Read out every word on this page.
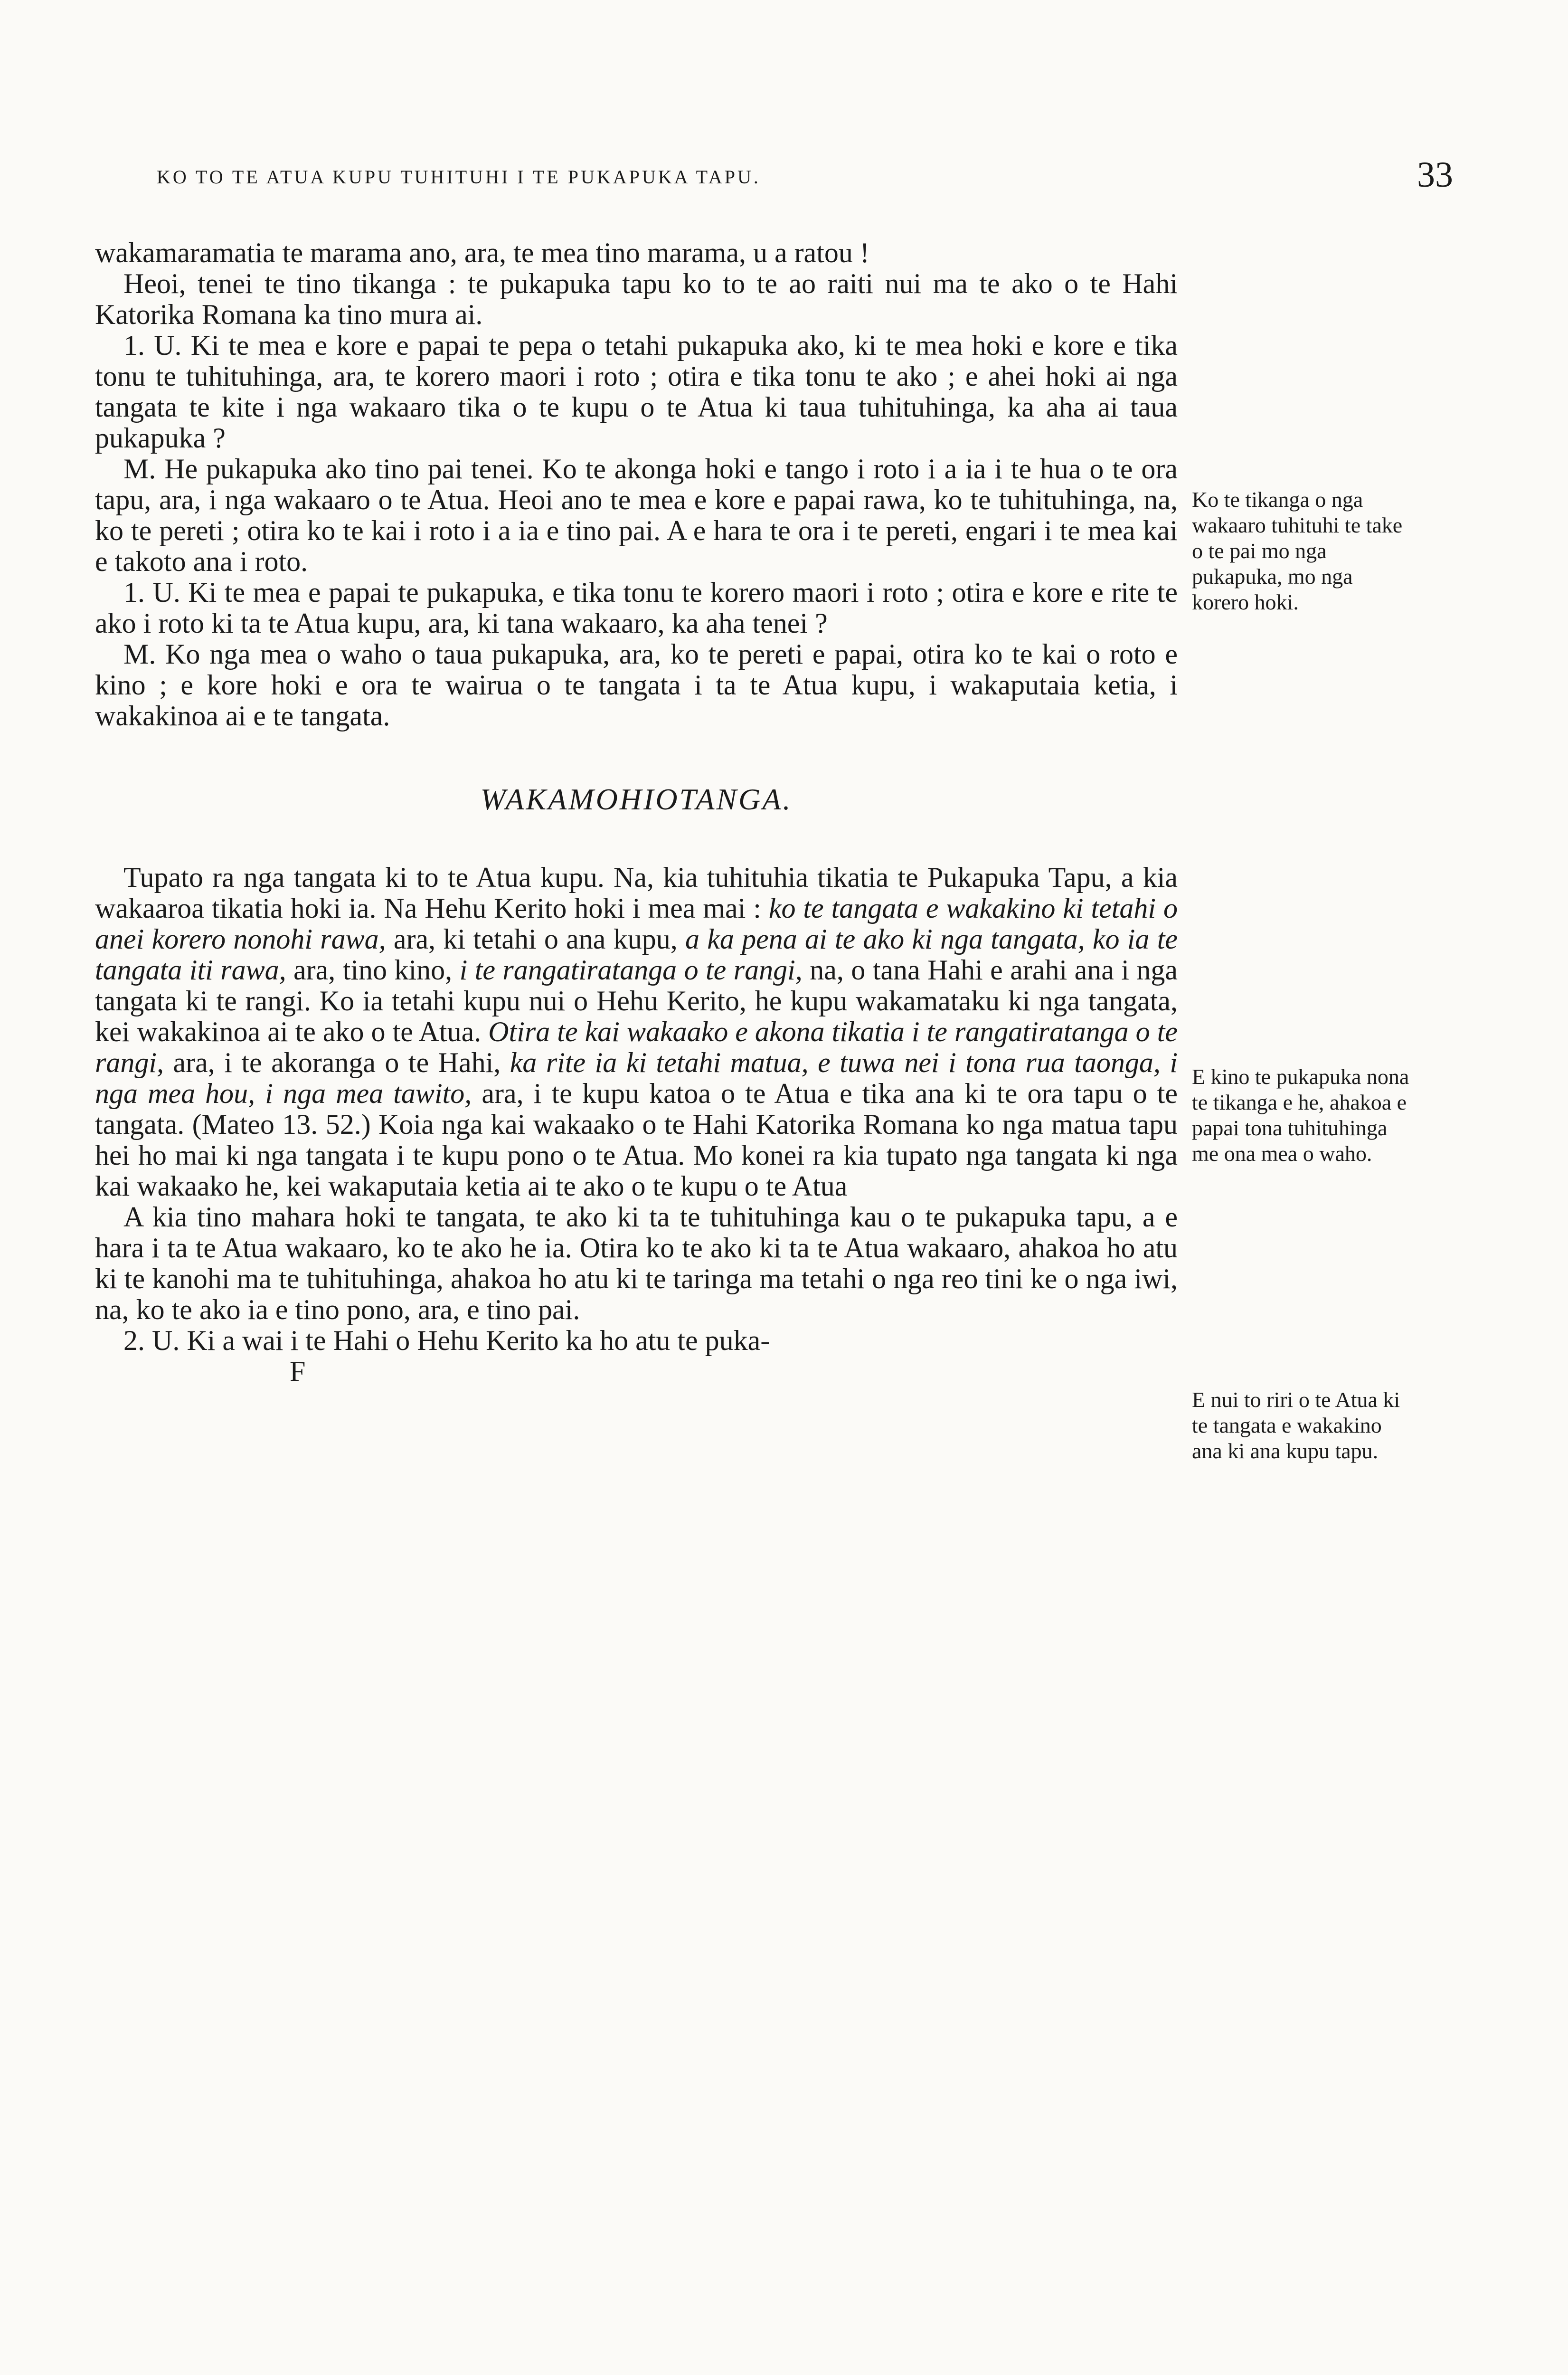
KO TO TE ATUA KUPU TUHITUHI I TE PUKAPUKA TAPU.	33

wakamaramatia te marama ano, ara, te mea tino marama, u a ratou !

Heoi, tenei te tino tikanga : te pukapuka tapu ko to te ao raiti nui ma te ako o te Hahi Katorika Romana ka tino mura ai.

1. U. Ki te mea e kore e papai te pepa o tetahi pukapuka ako, ki te mea hoki e kore e tika tonu te tuhituhinga, ara, te korero maori i roto ; otira e tika tonu te ako ; e ahei hoki ai nga tangata te kite i nga wakaaro tika o te kupu o te Atua ki taua tuhituhinga, ka aha ai taua pukapuka ?

M. He pukapuka ako tino pai tenei. Ko te akonga hoki e tango i roto i a ia i te hua o te ora tapu, ara, i nga wakaaro o te Atua. Heoi ano te mea e kore e papai rawa, ko te tuhituhinga, na, ko te pereti ; otira ko te kai i roto i a ia e tino pai. A e hara te ora i te pereti, engari i te mea kai e takoto ana i roto.

1. U. Ki te mea e papai te pukapuka, e tika tonu te korero maori i roto ; otira e kore e rite te ako i roto ki ta te Atua kupu, ara, ki tana wakaaro, ka aha tenei ?

M. Ko nga mea o waho o taua pukapuka, ara, ko te pereti e papai, otira ko te kai o roto e kino ; e kore hoki e ora te wairua o te tangata i ta te Atua kupu, i wakaputaia ketia, i wakakinoa ai e te tangata.

WAKAMOHIOTANGA.

Tupato ra nga tangata ki to te Atua kupu. Na, kia tuhituhia tikatia te Pukapuka Tapu, a kia wakaaroa tikatia hoki ia. Na Hehu Kerito hoki i mea mai : ko te tangata e wakakino ki tetahi o anei korero nonohi rawa, ara, ki tetahi o ana kupu, a ka pena ai te ako ki nga tangata, ko ia te tangata iti rawa, ara, tino kino, i te rangatiratanga o te rangi, na, o tana Hahi e arahi ana i nga tangata ki te rangi. Ko ia tetahi kupu nui o Hehu Kerito, he kupu wakamataku ki nga tangata, kei wakakinoa ai te ako o te Atua. Otira te kai wakaako e akona tikatia i te rangatiratanga o te rangi, ara, i te akoranga o te Hahi, ka rite ia ki tetahi matua, e tuwa nei i tona rua taonga, i nga mea hou, i nga mea tawito, ara, i te kupu katoa o te Atua e tika ana ki te ora tapu o te tangata. (Mateo 13. 52.) Koia nga kai wakaako o te Hahi Katorika Romana ko nga matua tapu hei ho mai ki nga tangata i te kupu pono o te Atua. Mo konei ra kia tupato nga tangata ki nga kai wakaako he, kei wakaputaia ketia ai te ako o te kupu o te Atua

A kia tino mahara hoki te tangata, te ako ki ta te tuhituhinga kau o te pukapuka tapu, a e hara i ta te Atua wakaaro, ko te ako he ia. Otira ko te ako ki ta te Atua wakaaro, ahakoa ho atu ki te kanohi ma te tuhituhinga, ahakoa ho atu ki te taringa ma tetahi o nga reo tini ke o nga iwi, na, ko te ako ia e tino pono, ara, e tino pai.

2. U. Ki a wai i te Hahi o Hehu Kerito ka ho atu te puka-

F

Ko te tikanga o nga wakaaro tuhituhi te take o te pai mo nga pukapuka, mo nga korero hoki.
E kino te pukapuka nona te tikanga e he, ahakoa e papai tona tuhituhinga me ona mea o waho.
E nui to riri o te Atua ki te tangata e wakakino ana ki ana kupu tapu.
